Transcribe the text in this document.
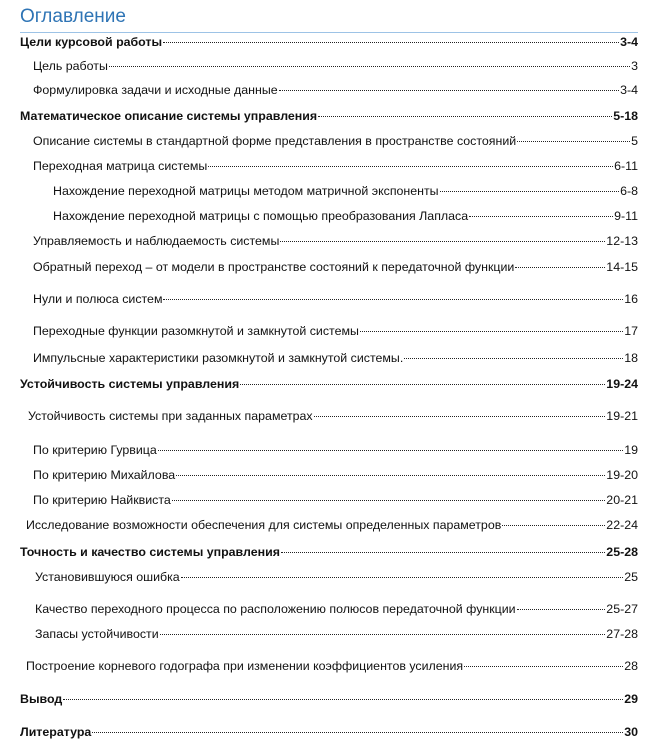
Оглавление
Цели курсовой работы	3-4
Цель работы	3
Формулировка задачи и исходные данные	3-4
Математическое описание системы управления	5-18
Описание системы в стандартной форме представления в пространстве состояний	5
Переходная матрица системы	6-11
Нахождение переходной матрицы методом матричной экспоненты	6-8
Нахождение переходной матрицы с помощью преобразования Лапласа	9-11
Управляемость и наблюдаемость системы	12-13
Обратный переход – от модели в пространстве состояний к передаточной функции	14-15
Нули и полюса систем	16
Переходные функции разомкнутой и замкнутой системы	17
Импульсные характеристики разомкнутой и замкнутой системы.	18
Устойчивость системы управления	19-24
Устойчивость системы при заданных параметрах	19-21
По критерию Гурвица	19
По критерию Михайлова	19-20
По критерию Найквиста	20-21
Исследование возможности обеспечения для системы определенных параметров	22-24
Точность и качество системы управления	25-28
Установившуюся ошибка	25
Качество переходного процесса по расположению полюсов передаточной функции	25-27
Запасы устойчивости	27-28
Построение корневого годографа при изменении коэффициентов усиления	28
Вывод	29
Литература	30
